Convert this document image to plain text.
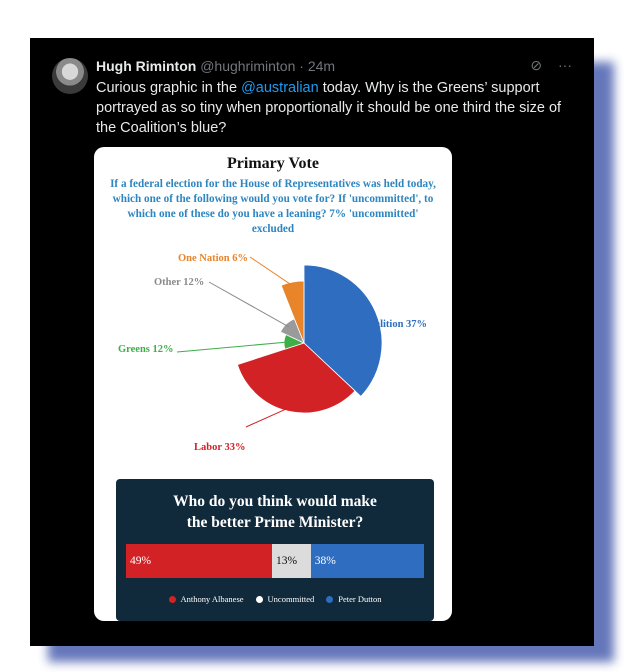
Hugh Riminton @hughriminton · 24m	⊘ ···
Curious graphic in the @australian today. Why is the Greens’ support portrayed as so tiny when proportionally it should be one third the size of the Coalition’s blue?
Primary Vote
If a federal election for the House of Representatives was held today, which one of the following would you vote for? If 'uncommitted', to which one of these do you have a leaning? 7% 'uncommitted' excluded
Coalition 37%
Labor 33%
Greens 12%
Other 12%
One Nation 6%
Who do you think would make
the better Prime Minister?
49%	13%	38%
Anthony Albanese	Uncommitted	Peter Dutton
